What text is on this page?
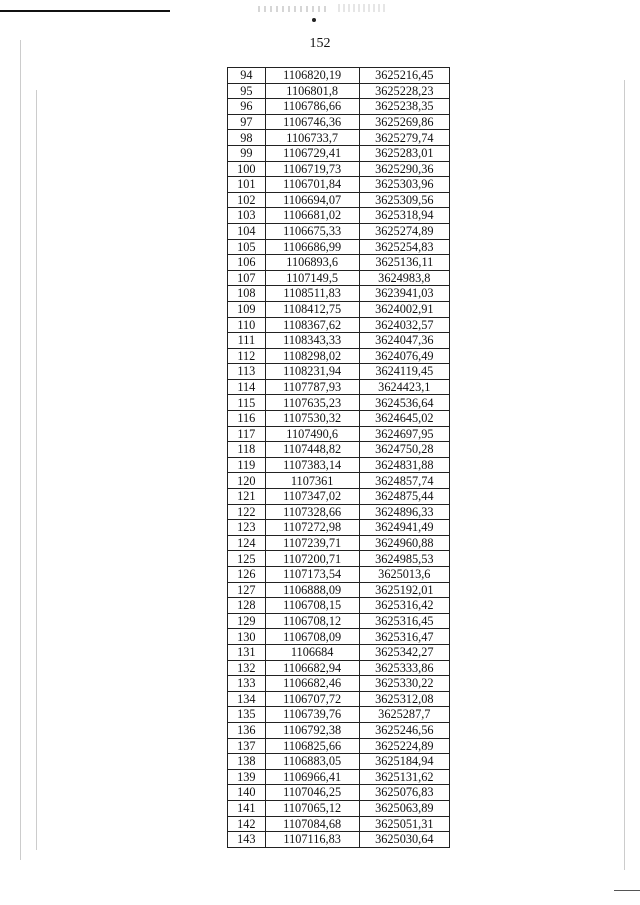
152
94	1106820,19	3625216,45
95	1106801,8	3625228,23
96	1106786,66	3625238,35
97	1106746,36	3625269,86
98	1106733,7	3625279,74
99	1106729,41	3625283,01
100	1106719,73	3625290,36
101	1106701,84	3625303,96
102	1106694,07	3625309,56
103	1106681,02	3625318,94
104	1106675,33	3625274,89
105	1106686,99	3625254,83
106	1106893,6	3625136,11
107	1107149,5	3624983,8
108	1108511,83	3623941,03
109	1108412,75	3624002,91
110	1108367,62	3624032,57
111	1108343,33	3624047,36
112	1108298,02	3624076,49
113	1108231,94	3624119,45
114	1107787,93	3624423,1
115	1107635,23	3624536,64
116	1107530,32	3624645,02
117	1107490,6	3624697,95
118	1107448,82	3624750,28
119	1107383,14	3624831,88
120	1107361	3624857,74
121	1107347,02	3624875,44
122	1107328,66	3624896,33
123	1107272,98	3624941,49
124	1107239,71	3624960,88
125	1107200,71	3624985,53
126	1107173,54	3625013,6
127	1106888,09	3625192,01
128	1106708,15	3625316,42
129	1106708,12	3625316,45
130	1106708,09	3625316,47
131	1106684	3625342,27
132	1106682,94	3625333,86
133	1106682,46	3625330,22
134	1106707,72	3625312,08
135	1106739,76	3625287,7
136	1106792,38	3625246,56
137	1106825,66	3625224,89
138	1106883,05	3625184,94
139	1106966,41	3625131,62
140	1107046,25	3625076,83
141	1107065,12	3625063,89
142	1107084,68	3625051,31
143	1107116,83	3625030,64
